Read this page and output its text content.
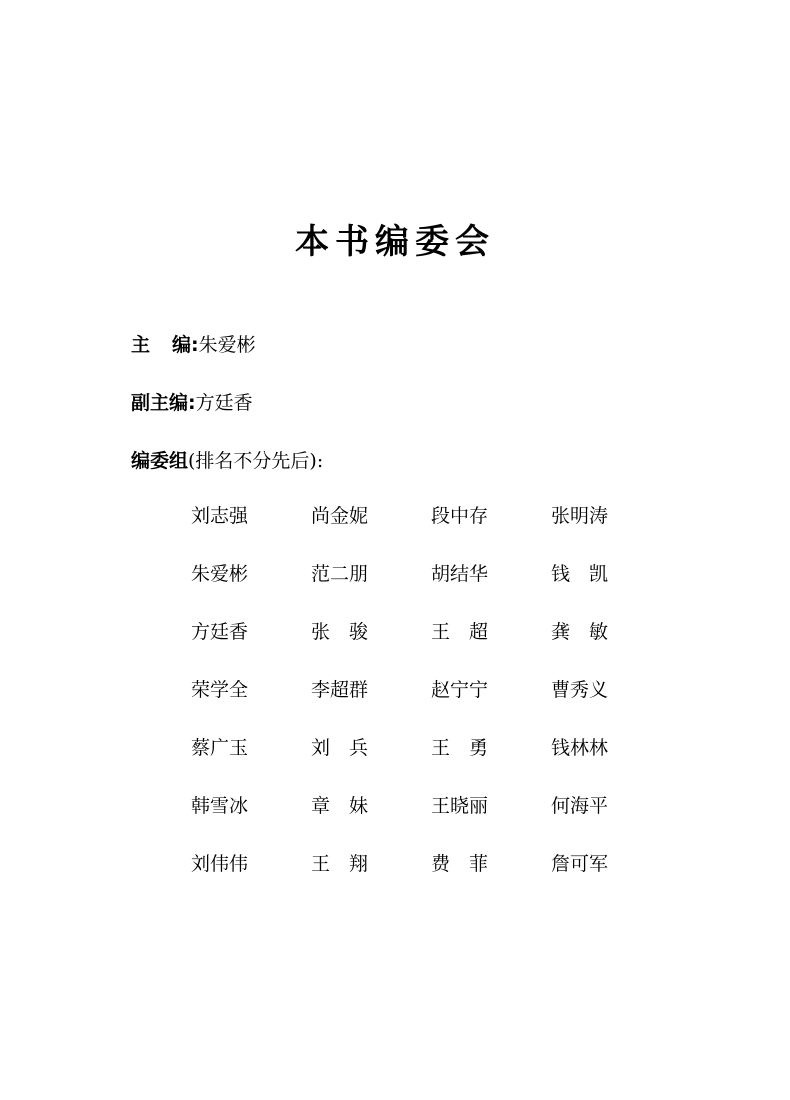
本书编委会
主 编:朱爱彬
副主编:方廷香
编委组(排名不分先后):
刘志强	尚金妮	段中存	张明涛
朱爱彬	范二朋	胡结华	钱　凯
方廷香	张　骏	王　超	龚　敏
荣学全	李超群	赵宁宁	曹秀义
蔡广玉	刘　兵	王　勇	钱林林
韩雪冰	章　妹	王晓丽	何海平
刘伟伟	王　翔	费　菲	詹可军
